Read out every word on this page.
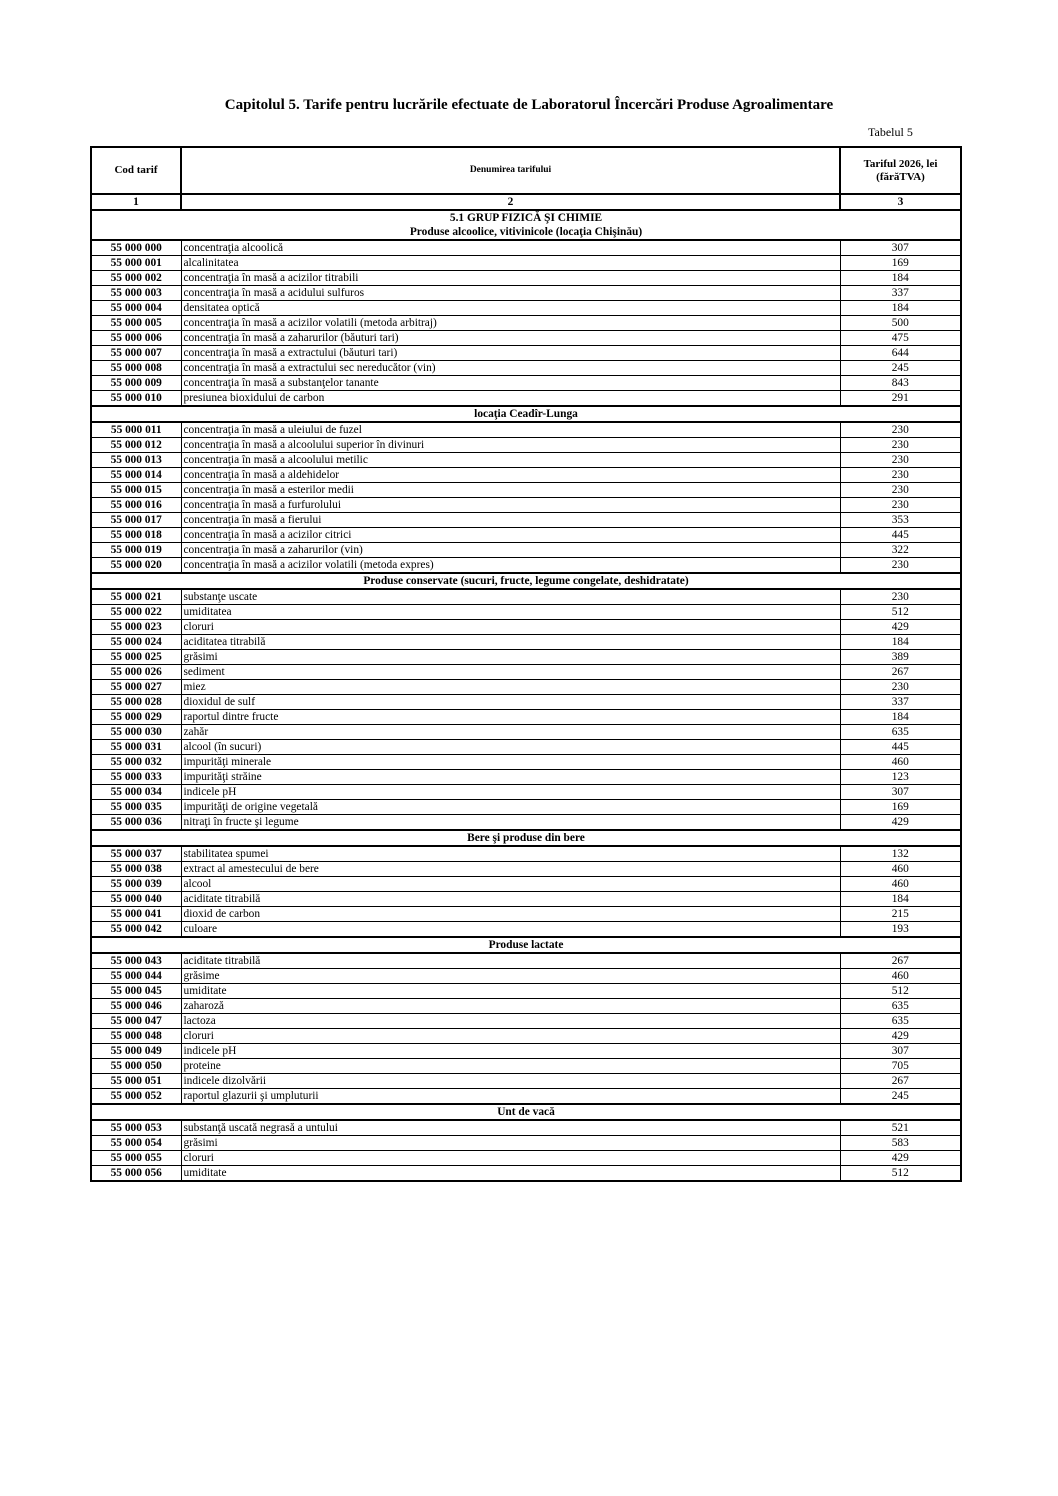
Capitolul 5. Tarife pentru lucrările efectuate de Laboratorul Încercări Produse Agroalimentare
Tabelul 5
Cod tarif	Denumirea tarifului	Tariful 2026, lei (fărăTVA)
1	2	3
5.1 GRUP FIZICĂ ŞI CHIMIE		
Produse alcoolice, vitivinicole (locaţia Chişinău)		
55 000 000	concentraţia alcoolică	307
55 000 001	alcalinitatea	169
55 000 002	concentraţia în masă a acizilor titrabili	184
55 000 003	concentraţia în masă a acidului sulfuros	337
55 000 004	densitatea optică	184
55 000 005	concentraţia în masă a acizilor volatili (metoda arbitraj)	500
55 000 006	concentraţia în masă a zaharurilor (băuturi tari)	475
55 000 007	concentraţia în masă a extractului (băuturi tari)	644
55 000 008	concentraţia în masă a extractului sec nereducător (vin)	245
55 000 009	concentraţia în masă a substanţelor tanante	843
55 000 010	presiunea bioxidului de carbon	291
locaţia Ceadîr-Lunga		
55 000 011	concentraţia în masă a uleiului de fuzel	230
55 000 012	concentraţia în masă a alcoolului superior în divinuri	230
55 000 013	concentraţia în masă a alcoolului metilic	230
55 000 014	concentraţia în masă a aldehidelor	230
55 000 015	concentraţia în masă a esterilor medii	230
55 000 016	concentraţia în masă a furfurolului	230
55 000 017	concentraţia în masă a fierului	353
55 000 018	concentraţia în masă a acizilor citrici	445
55 000 019	concentraţia în masă a zaharurilor (vin)	322
55 000 020	concentraţia în masă a acizilor volatili (metoda expres)	230
Produse conservate (sucuri, fructe, legume congelate, deshidratate)		
55 000 021	substanţe uscate	230
55 000 022	umiditatea	512
55 000 023	cloruri	429
55 000 024	aciditatea titrabilă	184
55 000 025	grăsimi	389
55 000 026	sediment	267
55 000 027	miez	230
55 000 028	dioxidul de sulf	337
55 000 029	raportul dintre fructe	184
55 000 030	zahăr	635
55 000 031	alcool (în sucuri)	445
55 000 032	impurităţi minerale	460
55 000 033	impurităţi străine	123
55 000 034	indicele pH	307
55 000 035	impurităţi de origine vegetală	169
55 000 036	nitraţi în fructe şi legume	429
Bere şi produse din bere		
55 000 037	stabilitatea spumei	132
55 000 038	extract al amestecului de bere	460
55 000 039	alcool	460
55 000 040	aciditate titrabilă	184
55 000 041	dioxid de carbon	215
55 000 042	culoare	193
Produse lactate		
55 000 043	aciditate titrabilă	267
55 000 044	grăsime	460
55 000 045	umiditate	512
55 000 046	zaharoză	635
55 000 047	lactoza	635
55 000 048	cloruri	429
55 000 049	indicele pH	307
55 000 050	proteine	705
55 000 051	indicele dizolvării	267
55 000 052	raportul glazurii şi umpluturii	245
Unt de vacă		
55 000 053	substanţă uscată negrasă a untului	521
55 000 054	grăsimi	583
55 000 055	cloruri	429
55 000 056	umiditate	512
